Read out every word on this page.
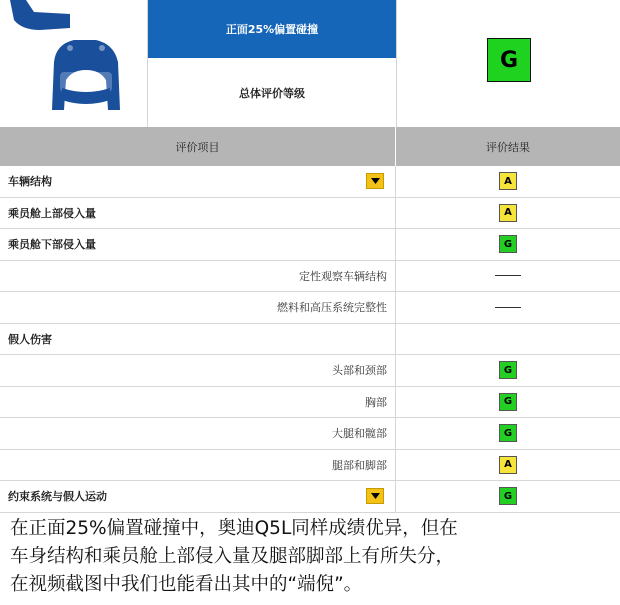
正面25%偏置碰撞
总体评价等级
G
评价项目	评价结果
车辆结构	A
乘员舱上部侵入量	A
乘员舱下部侵入量	G
定性观察车辆结构
燃料和高压系统完整性
假人伤害
头部和颈部	G
胸部	G
大腿和髋部	G
腿部和脚部	A
约束系统与假人运动	G
在正面25%偏置碰撞中，奥迪Q5L同样成绩优异，但在
车身结构和乘员舱上部侵入量及腿部脚部上有所失分，
在视频截图中我们也能看出其中的“端倪”。
